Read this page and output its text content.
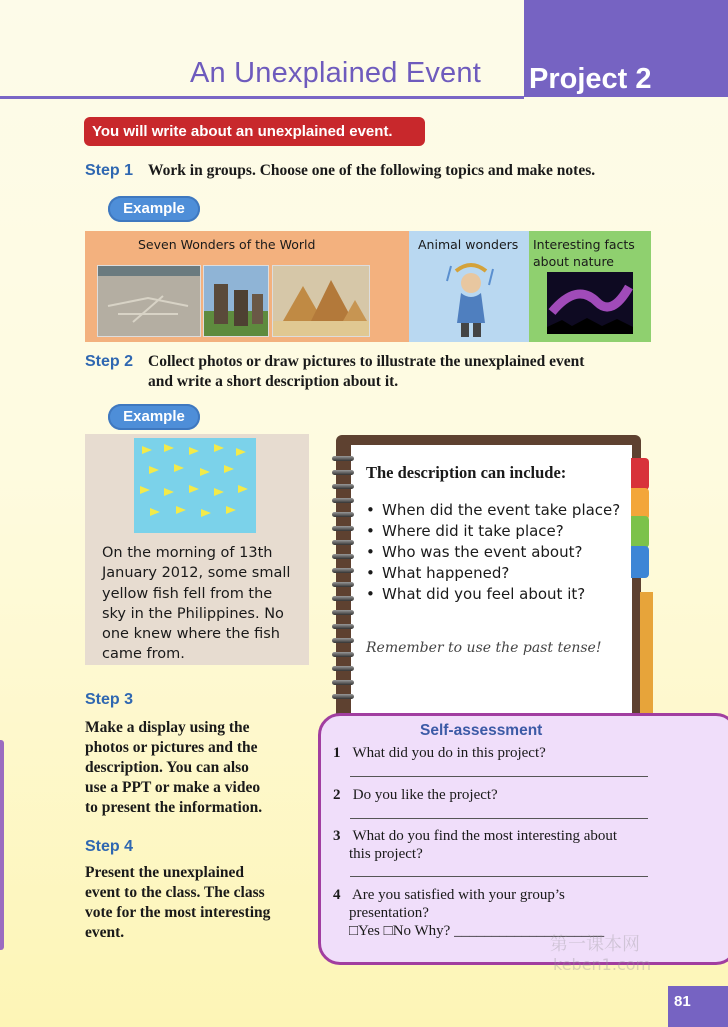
An Unexplained Event Project 2
You will write about an unexplained event.
Step 1 Work in groups. Choose one of the following topics and make notes.
Example
Seven Wonders of the World	Animal wonders Interesting facts
about nature
Step 2 Collect photos or draw pictures to illustrate the unexplained event
and write a short description about it.
Example
On the morning of 13th
January 2012, some small
yellow fish fell from the
sky in the Philippines. No
one knew where the fish
came from.
The description can include:
• When did the event take place?
• Where did it take place?
• Who was the event about?
• What happened?
• What did you feel about it?
Remember to use the past tense!
Step 3
Make a display using the
photos or pictures and the
description. You can also
use a PPT or make a video
to present the information.
Step 4
Present the unexplained
event to the class. The class
vote for the most interesting
event.
Self-assessment
1 What did you do in this project?
2 Do you like the project?
3 What do you find the most interesting about
this project?
4 Are you satisfied with your group’s
presentation?
□Yes □No Why? ____________________
第一课本网
keben1.com
81
